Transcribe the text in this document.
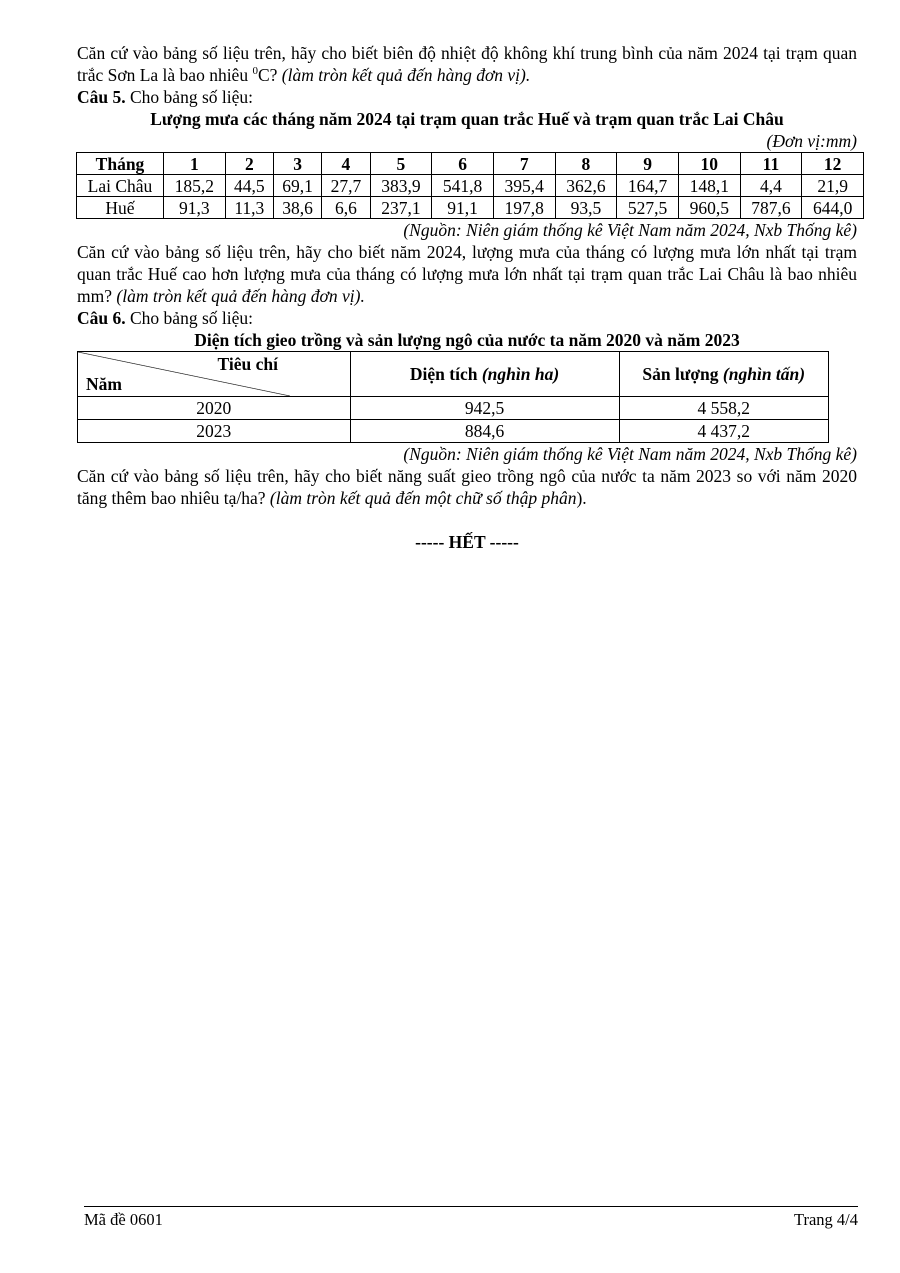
Căn cứ vào bảng số liệu trên, hãy cho biết biên độ nhiệt độ không khí trung bình của năm 2024 tại trạm quan trắc Sơn La là bao nhiêu $^0$C? (làm tròn kết quả đến hàng đơn vị).

Câu 5. Cho bảng số liệu:

Lượng mưa các tháng năm 2024 tại trạm quan trắc Huế và trạm quan trắc Lai Châu

(Đơn vị:mm)

Tháng	1	2	3	4	5	6	7	8	9	10	11	12
Lai Châu	185,2	44,5	69,1	27,7	383,9	541,8	395,4	362,6	164,7	148,1	4,4	21,9
Huế	91,3	11,3	38,6	6,6	237,1	91,1	197,8	93,5	527,5	960,5	787,6	644,0

(Nguồn: Niên giám thống kê Việt Nam năm 2024, Nxb Thống kê)

Căn cứ vào bảng số liệu trên, hãy cho biết năm 2024, lượng mưa của tháng có lượng mưa lớn nhất tại trạm quan trắc Huế cao hơn lượng mưa của tháng có lượng mưa lớn nhất tại trạm quan trắc Lai Châu là bao nhiêu mm? (làm tròn kết quả đến hàng đơn vị).

Câu 6. Cho bảng số liệu:

Diện tích gieo trồng và sản lượng ngô của nước ta năm 2020 và năm 2023

Tiêu chí
Năm	Diện tích (nghìn ha)	Sản lượng (nghìn tấn)
2020	942,5	4 558,2
2023	884,6	4 437,2

(Nguồn: Niên giám thống kê Việt Nam năm 2024, Nxb Thống kê)

Căn cứ vào bảng số liệu trên, hãy cho biết năng suất gieo trồng ngô của nước ta năm 2023 so với năm 2020 tăng thêm bao nhiêu tạ/ha? (làm tròn kết quả đến một chữ số thập phân).

----- HẾT -----

Mã đề 0601	Trang 4/4
